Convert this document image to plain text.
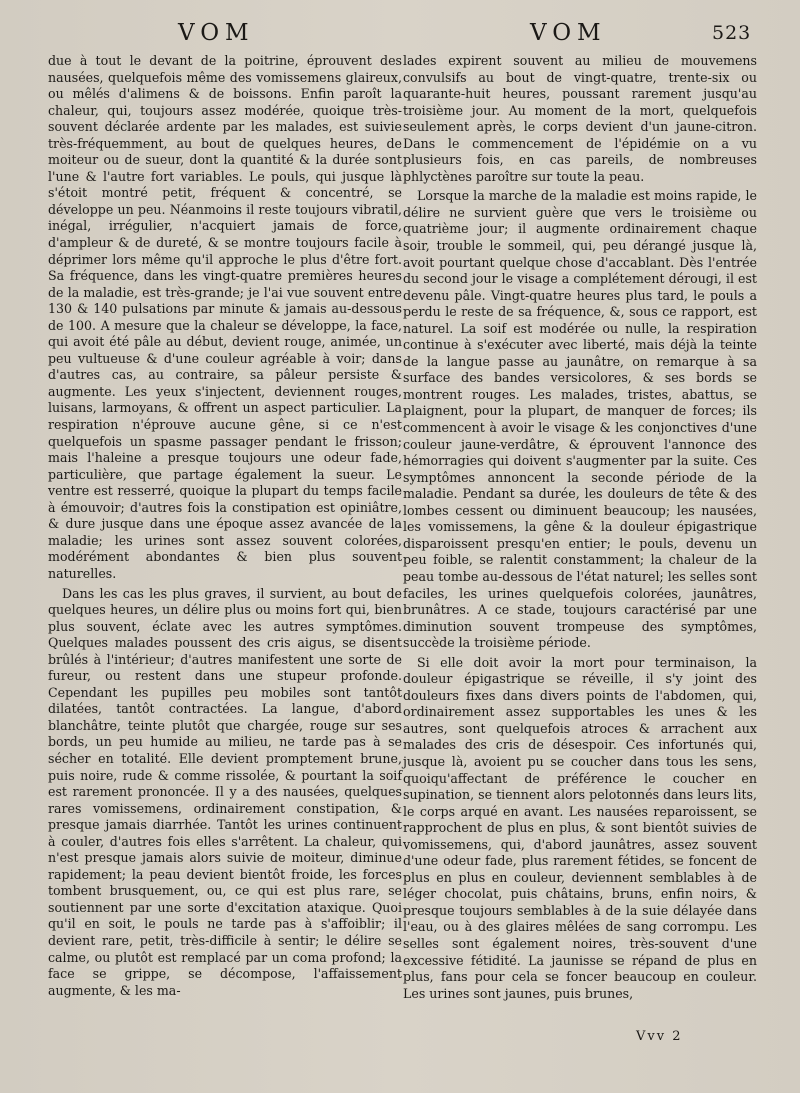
VOM	VOM	523

due à tout le devant de la poitrine, éprouvent des nausées, quelquefois même des vomissemens glaireux, ou mêlés d'alimens & de boissons. Enfin paroît la chaleur, qui, toujours assez modérée, quoique très-souvent déclarée ardente par les malades, est suivie très-fréquemment, au bout de quelques heures, de moiteur ou de sueur, dont la quantité & la durée sont l'une & l'autre fort variables. Le pouls, qui jusque là s'étoit montré petit, fréquent & concentré, se développe un peu. Néanmoins il reste toujours vibratil, inégal, irrégulier, n'acquiert jamais de force, d'ampleur & de dureté, & se montre toujours facile à déprimer lors même qu'il approche le plus d'être fort. Sa fréquence, dans les vingt-quatre premières heures de la maladie, est très-grande; je l'ai vue souvent entre 130 & 140 pulsations par minute & jamais au-dessous de 100. A mesure que la chaleur se développe, la face, qui avoit été pâle au début, devient rouge, animée, un peu vultueuse & d'une couleur agréable à voir; dans d'autres cas, au contraire, sa pâleur persiste & augmente. Les yeux s'injectent, deviennent rouges, luisans, larmoyans, & offrent un aspect particulier. La respiration n'éprouve aucune gêne, si ce n'est quelquefois un spasme passager pendant le frisson; mais l'haleine a presque toujours une odeur fade, particulière, que partage également la sueur. Le ventre est resserré, quoique la plupart du temps facile à émouvoir; d'autres fois la constipation est opiniâtre, & dure jusque dans une époque assez avancée de la maladie; les urines sont assez souvent colorées, modérément abondantes & bien plus souvent naturelles.

Dans les cas les plus graves, il survient, au bout de quelques heures, un délire plus ou moins fort qui, bien plus souvent, éclate avec les autres symptômes. Quelques malades poussent des cris aigus, se disent brûlés à l'intérieur; d'autres manifestent une sorte de fureur, ou restent dans une stupeur profonde. Cependant les pupilles peu mobiles sont tantôt dilatées, tantôt contractées. La langue, d'abord blanchâtre, teinte plutôt que chargée, rouge sur ses bords, un peu humide au milieu, ne tarde pas à se sécher en totalité. Elle devient promptement brune, puis noire, rude & comme rissolée, & pourtant la soif est rarement prononcée. Il y a des nausées, quelques rares vomissemens, ordinairement constipation, & presque jamais diarrhée. Tantôt les urines continuent à couler, d'autres fois elles s'arrêtent. La chaleur, qui n'est presque jamais alors suivie de moiteur, diminue rapidement; la peau devient bientôt froide, les forces tombent brusquement, ou, ce qui est plus rare, se soutiennent par une sorte d'excitation ataxique. Quoi qu'il en soit, le pouls ne tarde pas à s'affoiblir; il devient rare, petit, très-difficile à sentir; le délire se calme, ou plutôt est remplacé par un coma profond; la face se grippe, se décompose, l'affaissement augmente, & les ma-

lades expirent souvent au milieu de mouvemens convulsifs au bout de vingt-quatre, trente-six ou quarante-huit heures, poussant rarement jusqu'au troisième jour. Au moment de la mort, quelquefois seulement après, le corps devient d'un jaune-citron. Dans le commencement de l'épidémie on a vu plusieurs fois, en cas pareils, de nombreuses phlyctènes paroître sur toute la peau.

Lorsque la marche de la maladie est moins rapide, le délire ne survient guère que vers le troisième ou quatrième jour; il augmente ordinairement chaque soir, trouble le sommeil, qui, peu dérangé jusque là, avoit pourtant quelque chose d'accablant. Dès l'entrée du second jour le visage a complétement dérougi, il est devenu pâle. Vingt-quatre heures plus tard, le pouls a perdu le reste de sa fréquence, &, sous ce rapport, est naturel. La soif est modérée ou nulle, la respiration continue à s'exécuter avec liberté, mais déjà la teinte de la langue passe au jaunâtre, on remarque à sa surface des bandes versicolores, & ses bords se montrent rouges. Les malades, tristes, abattus, se plaignent, pour la plupart, de manquer de forces; ils commencent à avoir le visage & les conjonctives d'une couleur jaune-verdâtre, & éprouvent l'annonce des hémorragies qui doivent s'augmenter par la suite. Ces symptômes annoncent la seconde période de la maladie. Pendant sa durée, les douleurs de tête & des lombes cessent ou diminuent beaucoup; les nausées, les vomissemens, la gêne & la douleur épigastrique disparoissent presqu'en entier; le pouls, devenu un peu foible, se ralentit constamment; la chaleur de la peau tombe au-dessous de l'état naturel; les selles sont faciles, les urines quelquefois colorées, jaunâtres, brunâtres. A ce stade, toujours caractérisé par une diminution souvent trompeuse des symptômes, succède la troisième période.

Si elle doit avoir la mort pour terminaison, la douleur épigastrique se réveille, il s'y joint des douleurs fixes dans divers points de l'abdomen, qui, ordinairement assez supportables les unes & les autres, sont quelquefois atroces & arrachent aux malades des cris de désespoir. Ces infortunés qui, jusque là, avoient pu se coucher dans tous les sens, quoiqu'affectant de préférence le coucher en supination, se tiennent alors pelotonnés dans leurs lits, le corps arqué en avant. Les nausées reparoissent, se rapprochent de plus en plus, & sont bientôt suivies de vomissemens, qui, d'abord jaunâtres, assez souvent d'une odeur fade, plus rarement fétides, se foncent de plus en plus en couleur, deviennent semblables à de léger chocolat, puis châtains, bruns, enfin noirs, & presque toujours semblables à de la suie délayée dans l'eau, ou à des glaires mêlées de sang corrompu. Les selles sont également noires, très-souvent d'une excessive fétidité. La jaunisse se répand de plus en plus, fans pour cela se foncer beaucoup en couleur. Les urines sont jaunes, puis brunes,

Vvv 2
